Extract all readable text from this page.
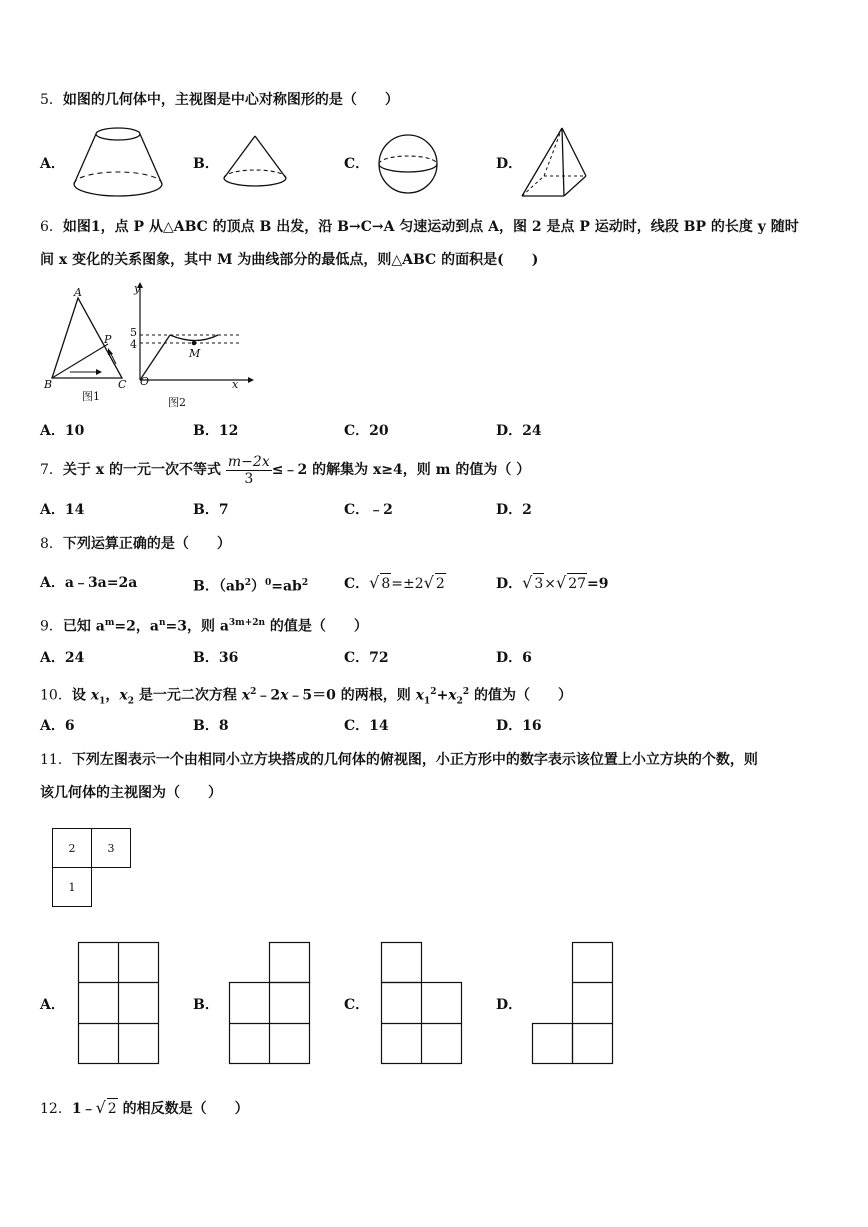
5．如图的几何体中，主视图是中心对称图形的是（　　）
A．	B．	C．	D．
6．如图1，点 P 从△ABC 的顶点 B 出发，沿 B→C→A 匀速运动到点 A，图 2 是点 P 运动时，线段 BP 的长度 y 随时
间 x 变化的关系图象，其中 M 为曲线部分的最低点，则△ABC 的面积是(　　)
A
B	C
P
图1
y
x
O
M
5
4
图2
A．10	B．12	C．20	D．24
7．关于 x 的一元一次不等式 $\frac{m-2x}{3}$ ≤﹣2 的解集为 x≥4，则 m 的值为（ ）
A．14	B．7	C．﹣2	D．2
8．下列运算正确的是（　　）
A．a﹣3a=2a	B．$(ab^2)^0=ab^2$	C．√ 8=±2√ 2	D．√ 3×√ 27=9
9．已知 $a^m=2$，$a^n=3$，则 $a^{3m+2n}$ 的值是（　　）
A．24	B．36	C．72	D．6
10．设 $x_1$，$x_2$ 是一元二次方程 $x^2﹣2x﹣5=0$ 的两根，则 $x_1^2+x_2^2$ 的值为（　　）
A．6	B．8	C．14	D．16
11．下列左图表示一个由相同小立方块搭成的几何体的俯视图，小正方形中的数字表示该位置上小立方块的个数，则
该几何体的主视图为（　　）
2	3
1
A．	B．	C．	D．
12．1﹣√ 2 的相反数是（　　）
